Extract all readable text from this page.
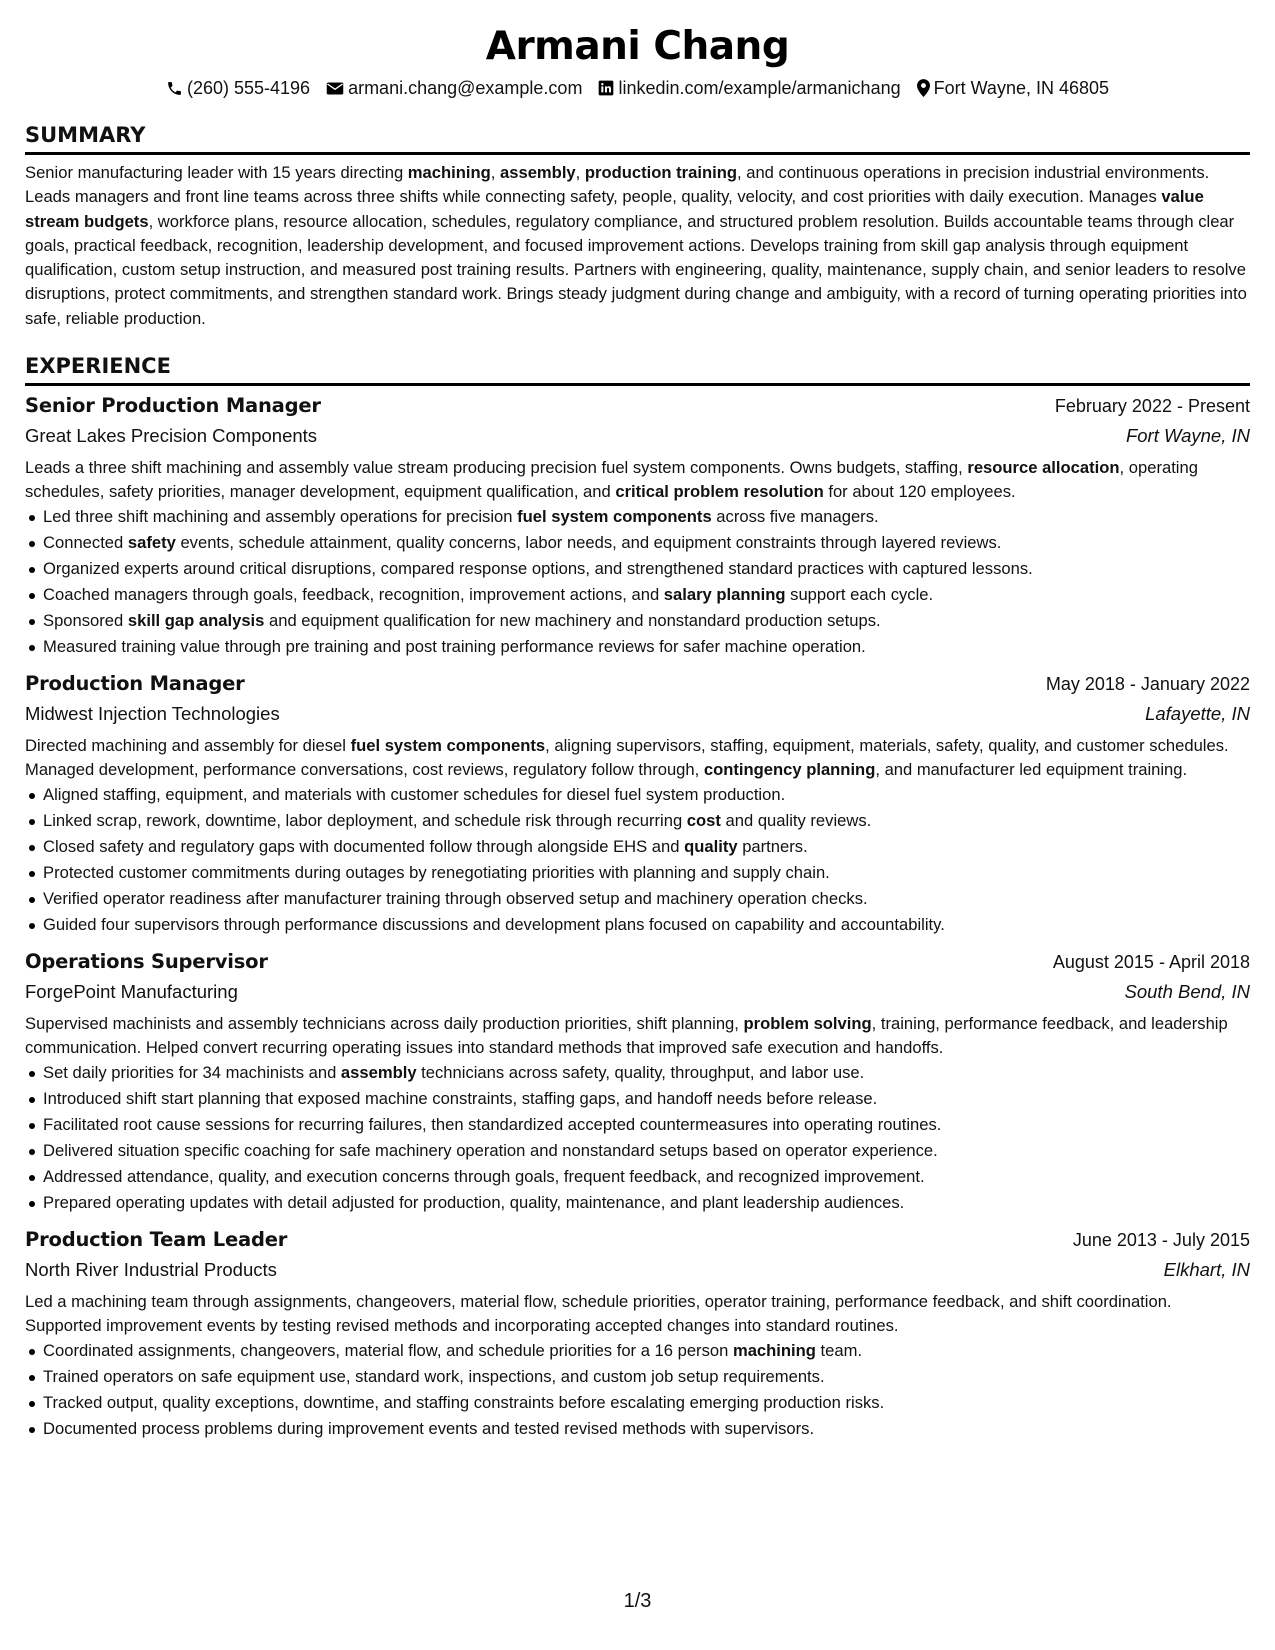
Armani Chang
(260) 555-4196 armani.chang@example.com linkedin.com/example/armanichang Fort Wayne, IN 46805
SUMMARY

Senior manufacturing leader with 15 years directing machining, assembly, production training, and continuous operations in precision industrial environments. Leads managers and front line teams across three shifts while connecting safety, people, quality, velocity, and cost priorities with daily execution. Manages value stream budgets, workforce plans, resource allocation, schedules, regulatory compliance, and structured problem resolution. Builds accountable teams through clear goals, practical feedback, recognition, leadership development, and focused improvement actions. Develops training from skill gap analysis through equipment qualification, custom setup instruction, and measured post training results. Partners with engineering, quality, maintenance, supply chain, and senior leaders to resolve disruptions, protect commitments, and strengthen standard work. Brings steady judgment during change and ambiguity, with a record of turning operating priorities into safe, reliable production.

EXPERIENCE
Senior Production Manager	February 2022 - Present
Great Lakes Precision Components	Fort Wayne, IN

Leads a three shift machining and assembly value stream producing precision fuel system components. Owns budgets, staffing, resource allocation, operating schedules, safety priorities, manager development, equipment qualification, and critical problem resolution for about 120 employees.

Led three shift machining and assembly operations for precision fuel system components across five managers.
Connected safety events, schedule attainment, quality concerns, labor needs, and equipment constraints through layered reviews.
Organized experts around critical disruptions, compared response options, and strengthened standard practices with captured lessons.
Coached managers through goals, feedback, recognition, improvement actions, and salary planning support each cycle.
Sponsored skill gap analysis and equipment qualification for new machinery and nonstandard production setups.
Measured training value through pre training and post training performance reviews for safer machine operation.
Production Manager	May 2018 - January 2022
Midwest Injection Technologies	Lafayette, IN

Directed machining and assembly for diesel fuel system components, aligning supervisors, staffing, equipment, materials, safety, quality, and customer schedules. Managed development, performance conversations, cost reviews, regulatory follow through, contingency planning, and manufacturer led equipment training.

Aligned staffing, equipment, and materials with customer schedules for diesel fuel system production.
Linked scrap, rework, downtime, labor deployment, and schedule risk through recurring cost and quality reviews.
Closed safety and regulatory gaps with documented follow through alongside EHS and quality partners.
Protected customer commitments during outages by renegotiating priorities with planning and supply chain.
Verified operator readiness after manufacturer training through observed setup and machinery operation checks.
Guided four supervisors through performance discussions and development plans focused on capability and accountability.
Operations Supervisor	August 2015 - April 2018
ForgePoint Manufacturing	South Bend, IN

Supervised machinists and assembly technicians across daily production priorities, shift planning, problem solving, training, performance feedback, and leadership communication. Helped convert recurring operating issues into standard methods that improved safe execution and handoffs.

Set daily priorities for 34 machinists and assembly technicians across safety, quality, throughput, and labor use.
Introduced shift start planning that exposed machine constraints, staffing gaps, and handoff needs before release.
Facilitated root cause sessions for recurring failures, then standardized accepted countermeasures into operating routines.
Delivered situation specific coaching for safe machinery operation and nonstandard setups based on operator experience.
Addressed attendance, quality, and execution concerns through goals, frequent feedback, and recognized improvement.
Prepared operating updates with detail adjusted for production, quality, maintenance, and plant leadership audiences.
Production Team Leader	June 2013 - July 2015
North River Industrial Products	Elkhart, IN

Led a machining team through assignments, changeovers, material flow, schedule priorities, operator training, performance feedback, and shift coordination. Supported improvement events by testing revised methods and incorporating accepted changes into standard routines.

Coordinated assignments, changeovers, material flow, and schedule priorities for a 16 person machining team.
Trained operators on safe equipment use, standard work, inspections, and custom job setup requirements.
Tracked output, quality exceptions, downtime, and staffing constraints before escalating emerging production risks.
Documented process problems during improvement events and tested revised methods with supervisors.
1/3
